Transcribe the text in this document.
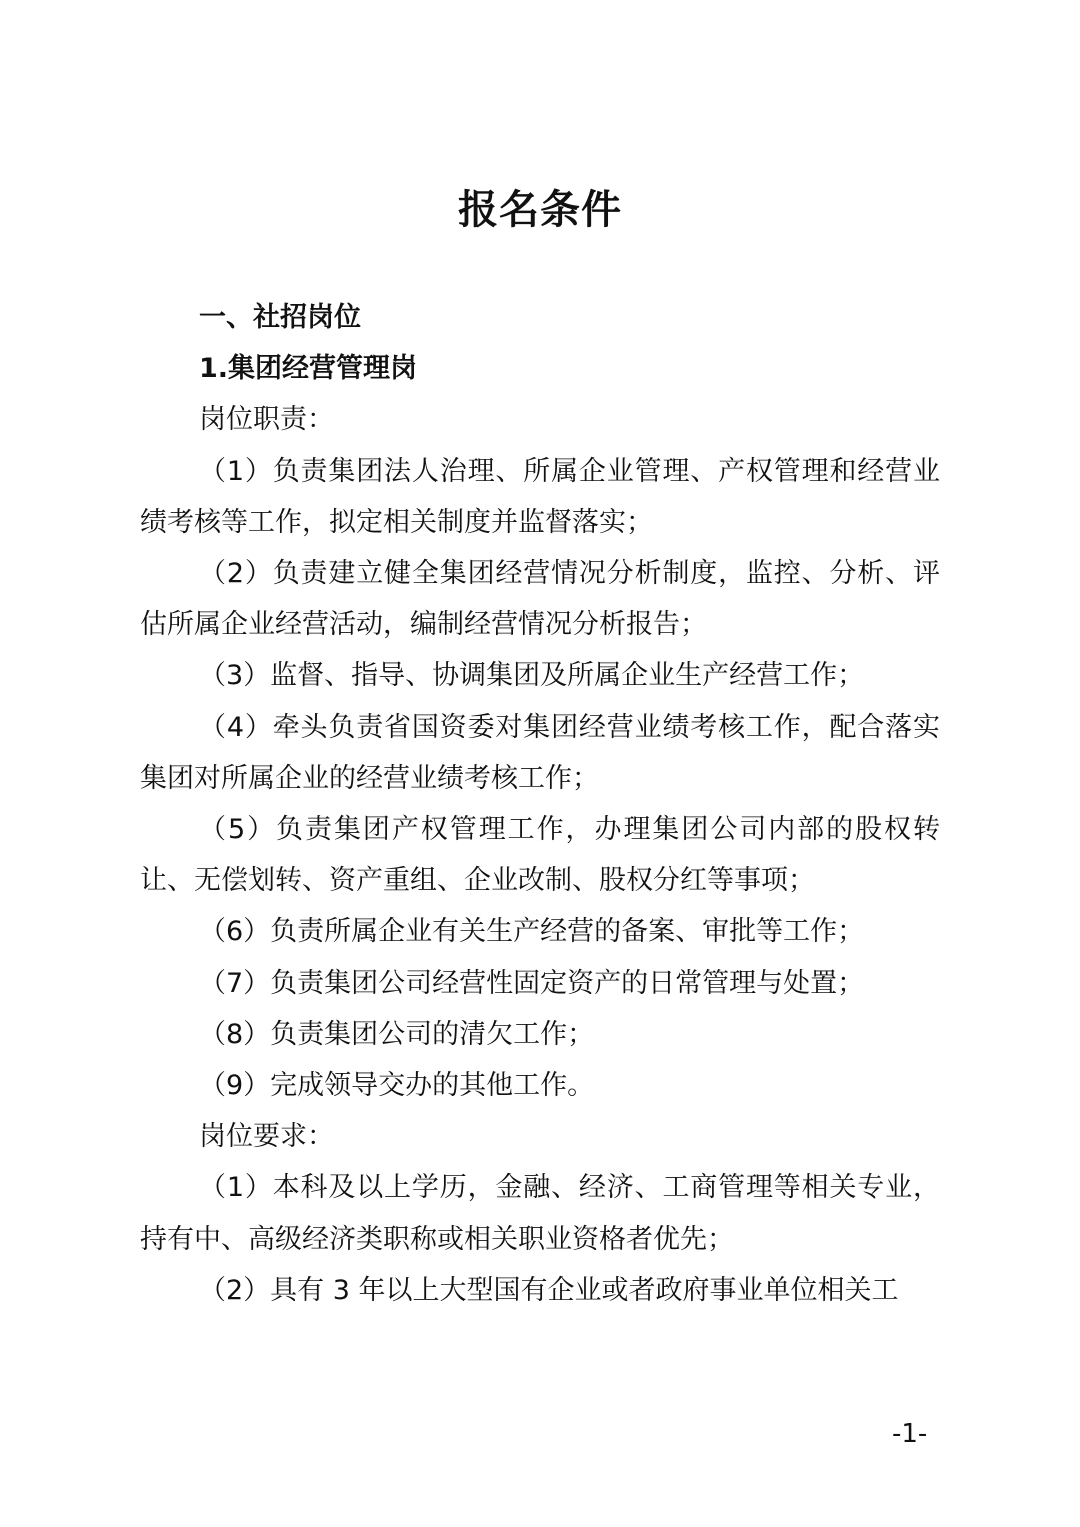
报名条件

一、社招岗位

1.集团经营管理岗

岗位职责：

（1）负责集团法人治理、所属企业管理、产权管理和经营业绩考核等工作，拟定相关制度并监督落实；

（2）负责建立健全集团经营情况分析制度，监控、分析、评估所属企业经营活动，编制经营情况分析报告；

（3）监督、指导、协调集团及所属企业生产经营工作；

（4）牵头负责省国资委对集团经营业绩考核工作，配合落实集团对所属企业的经营业绩考核工作；

（5）负责集团产权管理工作，办理集团公司内部的股权转让、无偿划转、资产重组、企业改制、股权分红等事项；

（6）负责所属企业有关生产经营的备案、审批等工作；

（7）负责集团公司经营性固定资产的日常管理与处置；

（8）负责集团公司的清欠工作；

（9）完成领导交办的其他工作。

岗位要求：

（1）本科及以上学历，金融、经济、工商管理等相关专业，持有中、高级经济类职称或相关职业资格者优先；

（2）具有 3 年以上大型国有企业或者政府事业单位相关工

-1-
